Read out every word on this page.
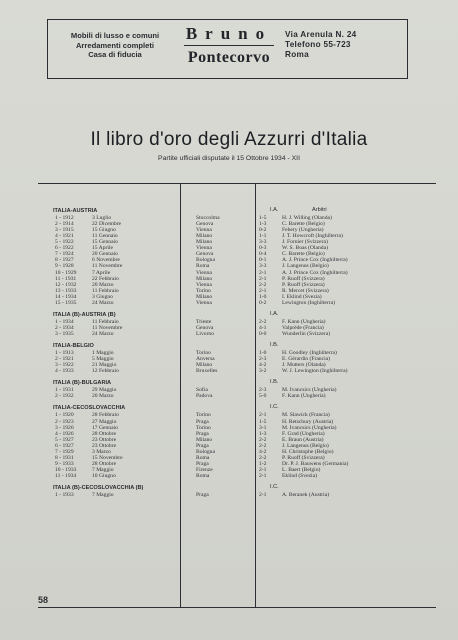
Mobili di lusso e comuni
Arredamenti completi
Casa di fiducia
Bruno
Pontecorvo
Via Arenula N. 24
Telefono 55-723
Roma
Il libro d'oro degli Azzurri d'Italia
Partite ufficiali disputate il 15 Ottobre 1934 - XII
ITALIA-AUSTRIA	I.A.	Arbitri
1 - 1912	3 Luglio	Stoccolma	1-5	H. J. Willing (Olanda)
2 - 1914	22 Dicembre	Genova	1-3	C. Barette (Belgio)
3 - 1915	15 Giugno	Vienna	0-2	Fehery (Ungheria)
4 - 1921	11 Gennaio	Milano	1-1	J. T. Howcroft (Inghilterra)
5 - 1922	15 Gennaio	Milano	3-3	J. Fornier (Svizzera)
6 - 1922	15 Aprile	Vienna	0-3	W. S. Boas (Olanda)
7 - 1924	20 Gennaio	Genova	0-4	C. Barette (Belgio)
8 - 1927	6 Novembre	Bologna	0-1	A. J. Prince Cox (Inghilterra)
9 - 1928	11 Novembre	Roma	3-3	J. Langenus (Belgio)
10 - 1929	7 Aprile	Vienna	2-1	A. J. Prince Cox (Inghilterra)
11 - 1931	22 Febbraio	Milano	2-1	P. Ruoff (Svizzera)
12 - 1932	20 Marzo	Vienna	2-2	P. Ruoff (Svizzera)
13 - 1933	11 Febbraio	Torino	2-1	R. Mercet (Svizzera)
14 - 1934	3 Giugno	Milano	1-0	I. Eklind (Svezia)
15 - 1935	24 Marzo	Vienna	0-2	Lewington (Inghilterra)
ITALIA (B)-AUSTRIA (B)	I.A.
1 - 1934	11 Febbraio	Trieste	2-2	F. Kann (Ungheria)
2 - 1934	11 Novembre	Genova	4-1	Valprède (Francia)
3 - 1935	24 Marzo	Livorno	0-0	Wunderlin (Svizzera)
ITALIA-BELGIO	I.B.
1 - 1913	1 Maggio	Torino	1-0	H. Goodley (Inghilterra)
2 - 1921	5 Maggio	Anversa	2-3	E. Gérardin (Francia)
3 - 1922	21 Maggio	Milano	4-2	J. Mutters (Olanda)
4 - 1933	12 Febbraio	Bruxelles	3-2	W. J. Lewington (Inghilterra)
ITALIA (B)-BULGARIA	I.B.
1 - 1931	29 Maggio	Sofia	2-3	M. Ivancsics (Ungheria)
2 - 1932	20 Marzo	Padova	5-0	F. Kann (Ungheria)
ITALIA-CECOSLOVACCHIA	I.C.
1 - 1920	28 Febbraio	Torino	2-1	M. Slawick (Francia)
2 - 1923	27 Maggio	Praga	1-5	H. Retschury (Austria)
3 - 1926	17 Gennaio	Torino	3-1	M. Ivancsics (Ungheria)
4 - 1926	28 Ottobre	Praga	1-3	F. Grad (Ungheria)
5 - 1927	23 Ottobre	Milano	2-2	E. Braun (Austria)
6 - 1927	23 Ottobre	Praga	2-2	J. Langenus (Belgio)
7 - 1929	3 Marzo	Bologna	4-2	H. Christophe (Belgio)
8 - 1931	15 Novembre	Roma	2-2	P. Ruoff (Svizzera)
9 - 1933	28 Ottobre	Praga	1-2	Dr. P. J. Bauwens (Germania)
10 - 1933	7 Maggio	Firenze	2-1	L. Baert (Belgio)
11 - 1934	10 Giugno	Roma	2-1	Eklind (Svezia)
ITALIA (B)-CECOSLOVACCHIA (B)	I.C.
1 - 1933	7 Maggio	Praga	2-1	A. Beranek (Austria)
58
